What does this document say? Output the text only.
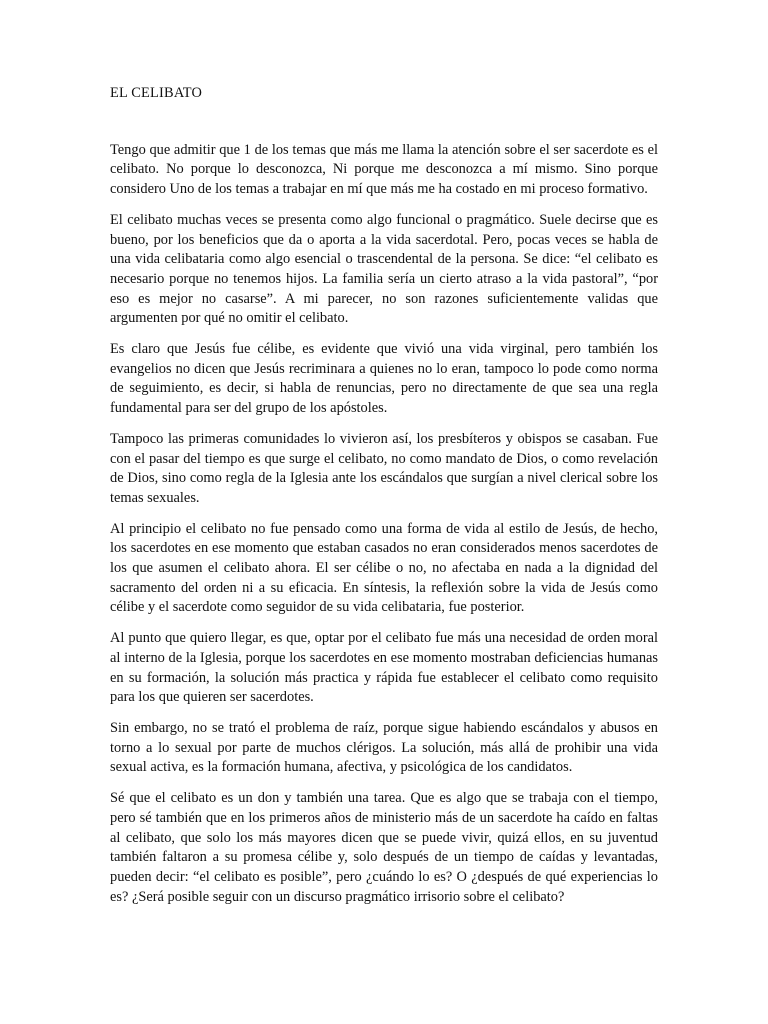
EL CELIBATO

Tengo que admitir que 1 de los temas que más me llama la atención sobre el ser sacerdote es el celibato. No porque lo desconozca, Ni porque me desconozca a mí mismo. Sino porque considero Uno de los temas a trabajar en mí que más me ha costado en mi proceso formativo.

El celibato muchas veces se presenta como algo funcional o pragmático. Suele decirse que es bueno, por los beneficios que da o aporta a la vida sacerdotal. Pero, pocas veces se habla de una vida celibataria como algo esencial o trascendental de la persona. Se dice: “el celibato es necesario porque no tenemos hijos. La familia sería un cierto atraso a la vida pastoral”, “por eso es mejor no casarse”. A mi parecer, no son razones suficientemente validas que argumenten por qué no omitir el celibato.

Es claro que Jesús fue célibe, es evidente que vivió una vida virginal, pero también los evangelios no dicen que Jesús recriminara a quienes no lo eran, tampoco lo pode como norma de seguimiento, es decir, si habla de renuncias, pero no directamente de que sea una regla fundamental para ser del grupo de los apóstoles.

Tampoco las primeras comunidades lo vivieron así, los presbíteros y obispos se casaban. Fue con el pasar del tiempo es que surge el celibato, no como mandato de Dios, o como revelación de Dios, sino como regla de la Iglesia ante los escándalos que surgían a nivel clerical sobre los temas sexuales.

Al principio el celibato no fue pensado como una forma de vida al estilo de Jesús, de hecho, los sacerdotes en ese momento que estaban casados no eran considerados menos sacerdotes de los que asumen el celibato ahora. El ser célibe o no, no afectaba en nada a la dignidad del sacramento del orden ni a su eficacia. En síntesis, la reflexión sobre la vida de Jesús como célibe y el sacerdote como seguidor de su vida celibataria, fue posterior.

Al punto que quiero llegar, es que, optar por el celibato fue más una necesidad de orden moral al interno de la Iglesia, porque los sacerdotes en ese momento mostraban deficiencias humanas en su formación, la solución más practica y rápida fue establecer el celibato como requisito para los que quieren ser sacerdotes.

Sin embargo, no se trató el problema de raíz, porque sigue habiendo escándalos y abusos en torno a lo sexual por parte de muchos clérigos. La solución, más allá de prohibir una vida sexual activa, es la formación humana, afectiva, y psicológica de los candidatos.

Sé que el celibato es un don y también una tarea. Que es algo que se trabaja con el tiempo, pero sé también que en los primeros años de ministerio más de un sacerdote ha caído en faltas al celibato, que solo los más mayores dicen que se puede vivir, quizá ellos, en su juventud también faltaron a su promesa célibe y, solo después de un tiempo de caídas y levantadas, pueden decir: “el celibato es posible”, pero ¿cuándo lo es? O ¿después de qué experiencias lo es? ¿Será posible seguir con un discurso pragmático irrisorio sobre el celibato?
